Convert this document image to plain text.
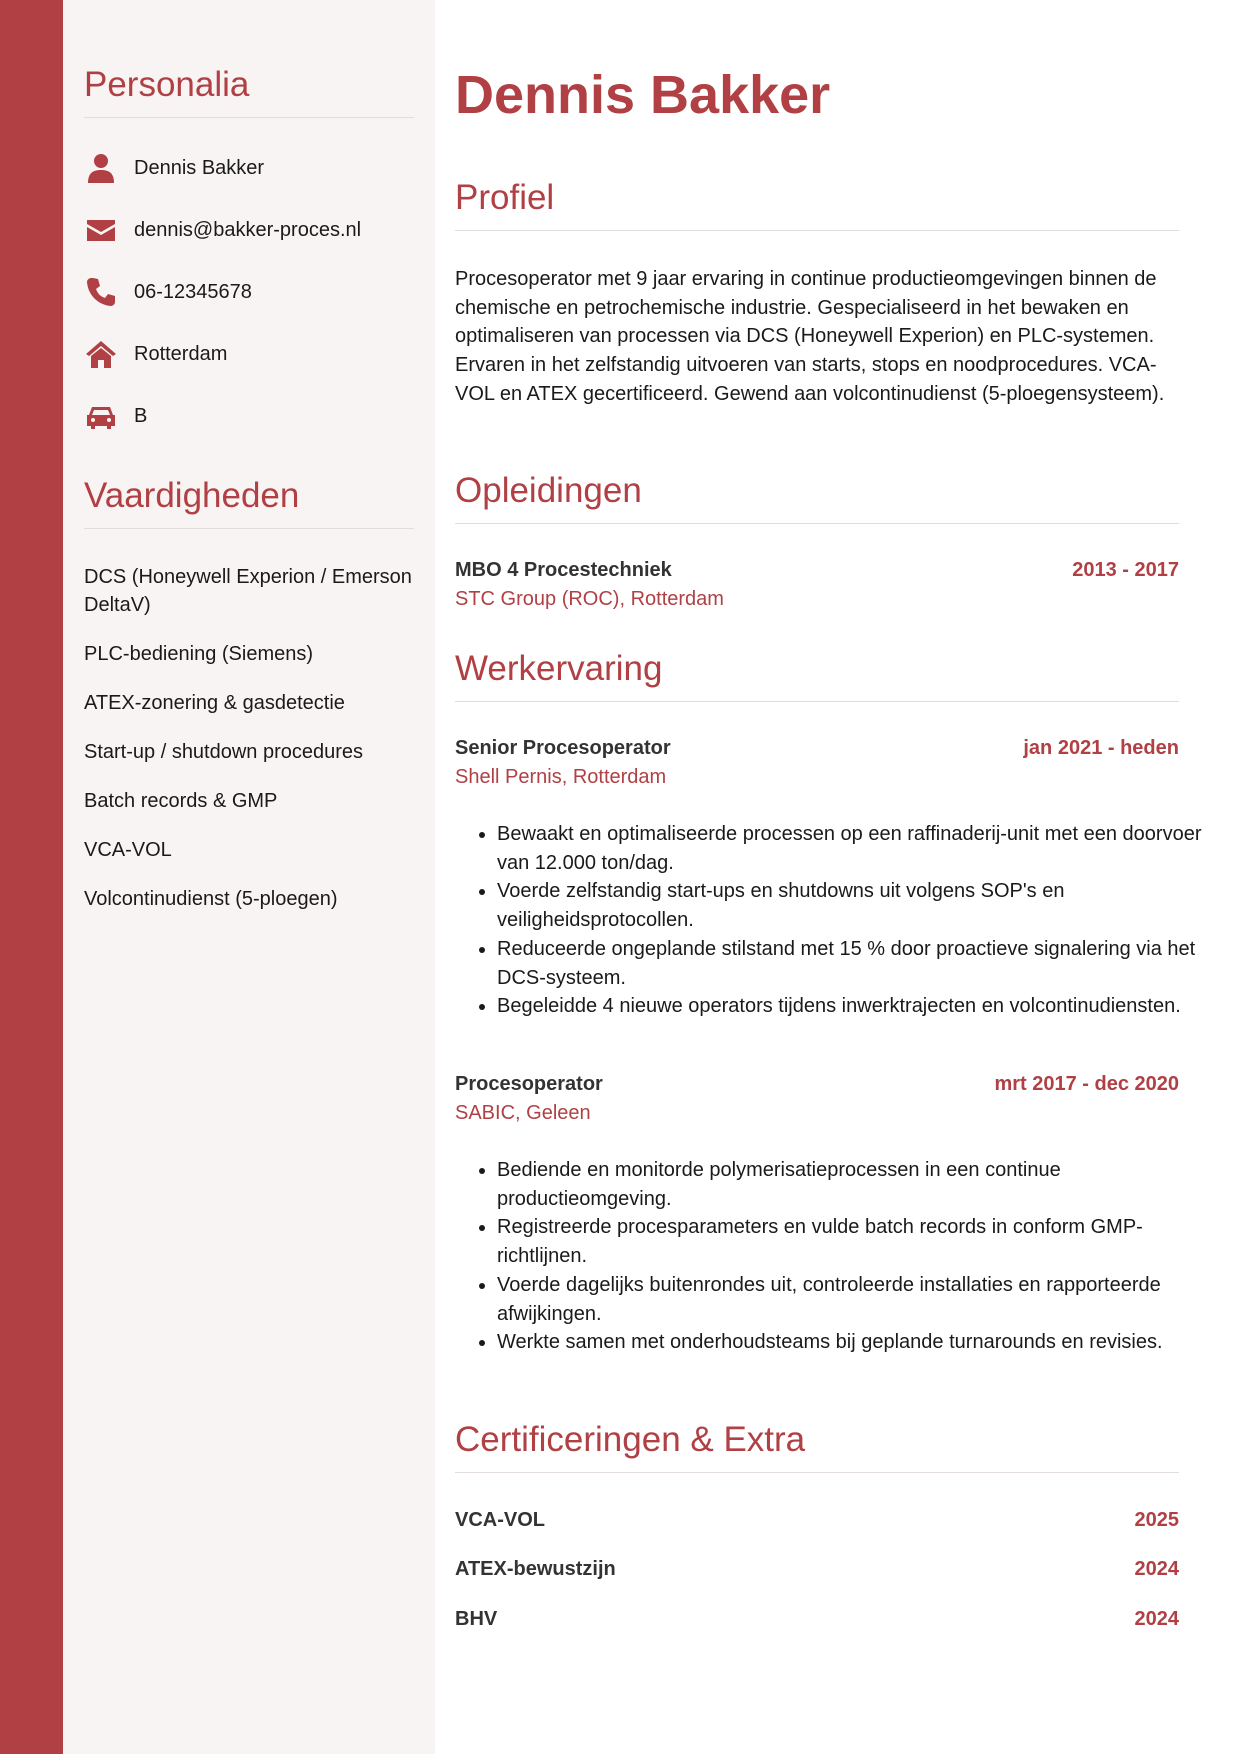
Personalia
Dennis Bakker
dennis@bakker-proces.nl
06-12345678
Rotterdam
B
Vaardigheden
DCS (Honeywell Experion / Emerson DeltaV)
PLC-bediening (Siemens)
ATEX-zonering & gasdetectie
Start-up / shutdown procedures
Batch records & GMP
VCA-VOL
Volcontinudienst (5-ploegen)
Dennis Bakker
Profiel

Procesoperator met 9 jaar ervaring in continue productieomgevingen binnen de chemische en petrochemische industrie. Gespecialiseerd in het bewaken en optimaliseren van processen via DCS (Honeywell Experion) en PLC-systemen. Ervaren in het zelfstandig uitvoeren van starts, stops en noodprocedures. VCA-VOL en ATEX gecertificeerd. Gewend aan volcontinudienst (5-ploegensysteem).

Opleidingen
MBO 4 Procestechniek	2013 - 2017
STC Group (ROC), Rotterdam
Werkervaring
Senior Procesoperator	jan 2021 - heden
Shell Pernis, Rotterdam
• Bewaakt en optimaliseerde processen op een raffinaderij-unit met een doorvoer van 12.000 ton/dag.
• Voerde zelfstandig start-ups en shutdowns uit volgens SOP's en veiligheidsprotocollen.
• Reduceerde ongeplande stilstand met 15 % door proactieve signalering via het DCS-systeem.
• Begeleidde 4 nieuwe operators tijdens inwerktrajecten en volcontinudiensten.
Procesoperator	mrt 2017 - dec 2020
SABIC, Geleen
• Bediende en monitorde polymerisatieprocessen in een continue productieomgeving.
• Registreerde procesparameters en vulde batch records in conform GMP-richtlijnen.
• Voerde dagelijks buitenrondes uit, controleerde installaties en rapporteerde afwijkingen.
• Werkte samen met onderhoudsteams bij geplande turnarounds en revisies.
Certificeringen & Extra
VCA-VOL	2025
ATEX-bewustzijn	2024
BHV	2024
